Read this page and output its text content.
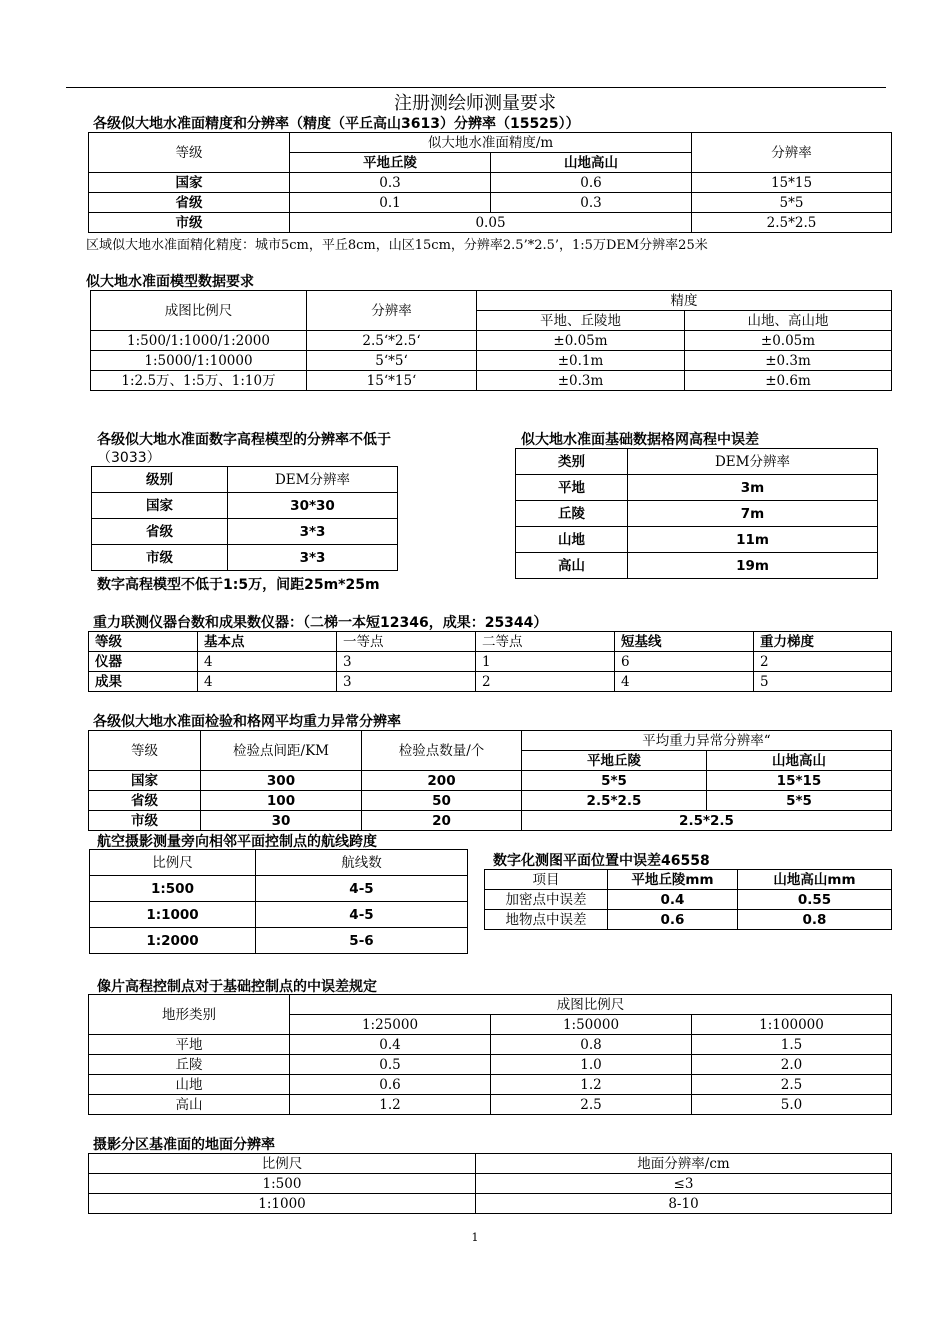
注册测绘师测量要求
各级似大地水准面精度和分辨率（精度（平丘高山3613）分辨率（15525））
等级	似大地水准面精度/m		分辨率
	平地丘陵	山地高山	
国家	0.3	0.6	15*15
省级	0.1	0.3	5*5
市级	0.05		2.5*2.5
区域似大地水准面精化精度：城市5cm，平丘8cm，山区15cm，分辨率2.5’*2.5’，1:5万DEM分辨率25米
似大地水准面模型数据要求
成图比例尺	分辨率	精度	
		平地、丘陵地	山地、高山地
1:500/1:1000/1:2000	2.5‘*2.5‘	±0.05m	±0.05m
1:5000/1:10000	5‘*5‘	±0.1m	±0.3m
1:2.5万、1:5万、1:10万	15‘*15‘	±0.3m	±0.6m
各级似大地水准面数字高程模型的分辨率不低于
（3033）
级别	DEM分辨率
国家	30*30
省级	3*3
市级	3*3
数字高程模型不低于1:5万，间距25m*25m
似大地水准面基础数据格网高程中误差
类别	DEM分辨率
平地	3m
丘陵	7m
山地	11m
高山	19m
重力联测仪器台数和成果数仪器：（二梯一本短12346，成果：25344）
等级	基本点	一等点	二等点	短基线	重力梯度
仪器	4	3	1	6	2
成果	4	3	2	4	5
各级似大地水准面检验和格网平均重力异常分辨率
等级	检验点间距/KM	检验点数量/个	平均重力异常分辨率“	
			平地丘陵	山地高山
国家	300	200	5*5	15*15
省级	100	50	2.5*2.5	5*5
市级	30	20	2.5*2.5	
航空摄影测量旁向相邻平面控制点的航线跨度
比例尺	航线数
1:500	4-5
1:1000	4-5
1:2000	5-6
数字化测图平面位置中误差46558
项目	平地丘陵mm	山地高山mm
加密点中误差	0.4	0.55
地物点中误差	0.6	0.8
像片高程控制点对于基础控制点的中误差规定
地形类别	成图比例尺		
	1:25000	1:50000	1:100000
平地	0.4	0.8	1.5
丘陵	0.5	1.0	2.0
山地	0.6	1.2	2.5
高山	1.2	2.5	5.0
摄影分区基准面的地面分辨率
比例尺	地面分辨率/cm
1:500	≤3
1:1000	8-10
1
